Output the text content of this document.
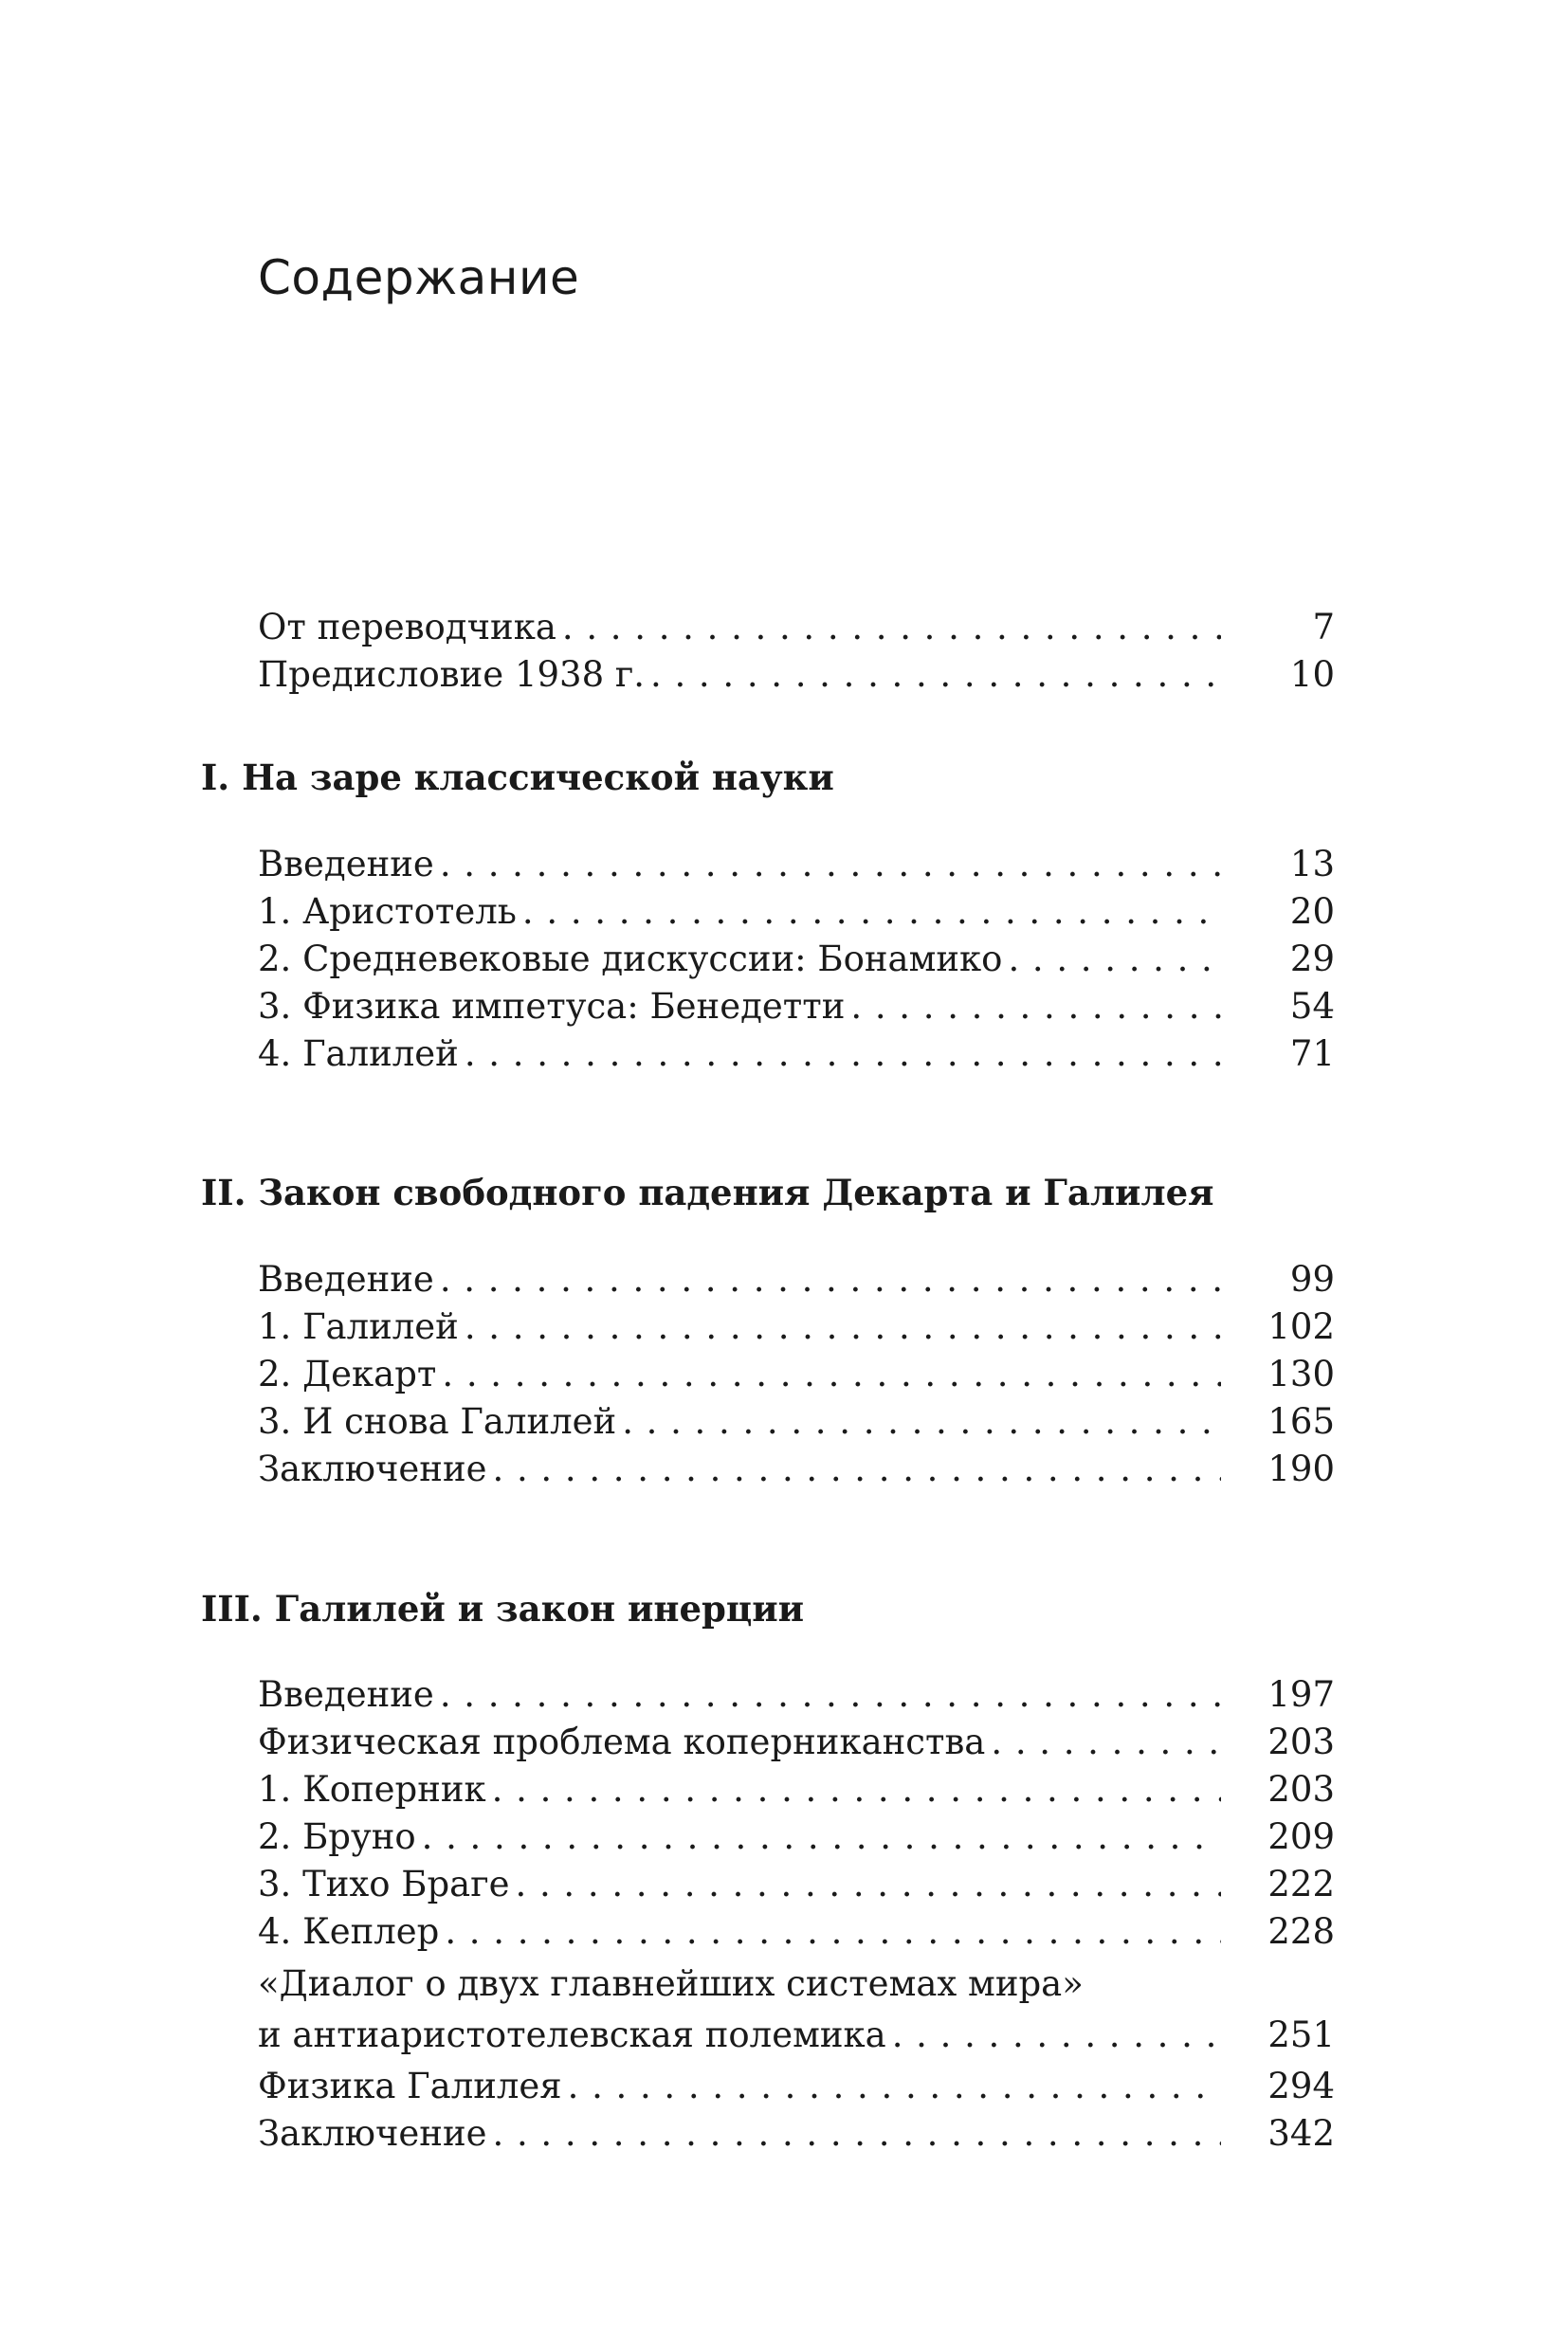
Содержание
От переводчика .....	7
Предисловие 1938 г. .....	10
I. На заре классической науки
Введение .....	13
1. Аристотель .....	20
2. Средневековые дискуссии: Бонамико .....	29
3. Физика импетуса: Бенедетти .....	54
4. Галилей .....	71
II. Закон свободного падения Декарта и Галилея
Введение .....	99
1. Галилей .....	102
2. Декарт .....	130
3. И снова Галилей .....	165
Заключение .....	190
III. Галилей и закон инерции
Введение .....	197
Физическая проблема коперниканства .....	203
1. Коперник .....	203
2. Бруно .....	209
3. Тихо Браге .....	222
4. Кеплер .....	228
«Диалог о двух главнейших системах мира»
и антиаристотелевская полемика .....	251
Физика Галилея .....	294
Заключение .....	342
